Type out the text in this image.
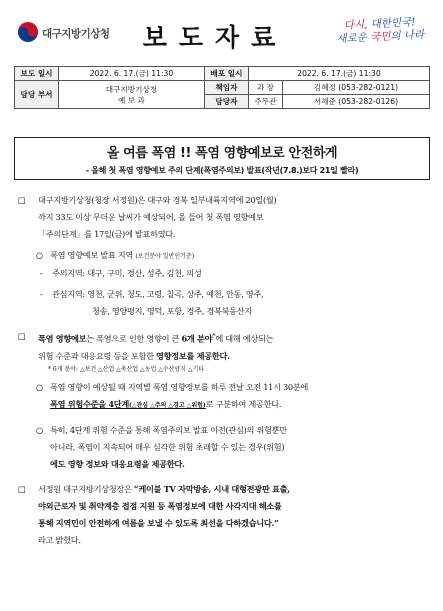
대구지방기상청 보도자료	다시, 대한민국!
새로운 국민의 나라
보도 일시	2022. 6. 17.(금) 11:30	배포 일시	2022. 6. 17.(금) 11:30	
담당 부서	대구지방기상청
예 보 과	책임자	과 장	김혜정 (053-282-0121)
		담당자	주무관	서해준 (053-282-0126)
올 여름 폭염 !! 폭염 영향예보로 안전하게
- 올해 첫 폭염 영향예보 주의 단계(폭염주의보) 발표(작년(7.8.)보다 21일 빨라)
□ 대구지방기상청(청장 서정원)은 대구와 경북 일부내륙지역에 20일(월)
까지 33도 이상 무더운 날씨가 예상되어, 올 들어 첫 폭염 영향예보
「주의단계」를 17일(금)에 발표하였다.
○ 폭염 영향예보 발표 지역 (보건분야 일반인기준)
- 주의지역: 대구, 구미, 경산, 성주, 김천, 의성
- 관심지역: 영천, 군위, 청도, 고령, 칠곡, 상주, 예천, 안동, 영주,
청송, 영양평지, 영덕, 포항, 경주, 경북북동산지
□ 폭염 영향예보는 폭염으로 인한 영향이 큰 6개 분야*에 대해 예상되는
위험 수준과 대응요령 등을 포함한 영향정보를 제공한다.
* 6개 분야: △보건 △산업 △축산업 △농업 △수산양식 △기타
○ 폭염 영향이 예상될 때 지역별 폭염 영향정보를 하루 전날 오전 11시 30분에
폭염 위험수준을 4단계(△관심 △주의 △경고 △위험)로 구분하여 제공한다.
○ 특히, 4단계 위험 수준을 통해 폭염주의보 발표 이전(관심)의 위험뿐만
아니라, 폭염이 지속되어 매우 심각한 위험 초래할 수 있는 경우(위험)
에도 영향 정보와 대응요령을 제공한다.
□ 서정원 대구지방기상청장은 “케이블 TV 자막방송, 시내 대형전광판 표출,
야외근로자 및 취약계층 접점 지원 등 폭염정보에 대한 사각지대 해소를
통해 지역민이 안전하게 여름을 보낼 수 있도록 최선을 다하겠습니다.”
라고 밝혔다.
